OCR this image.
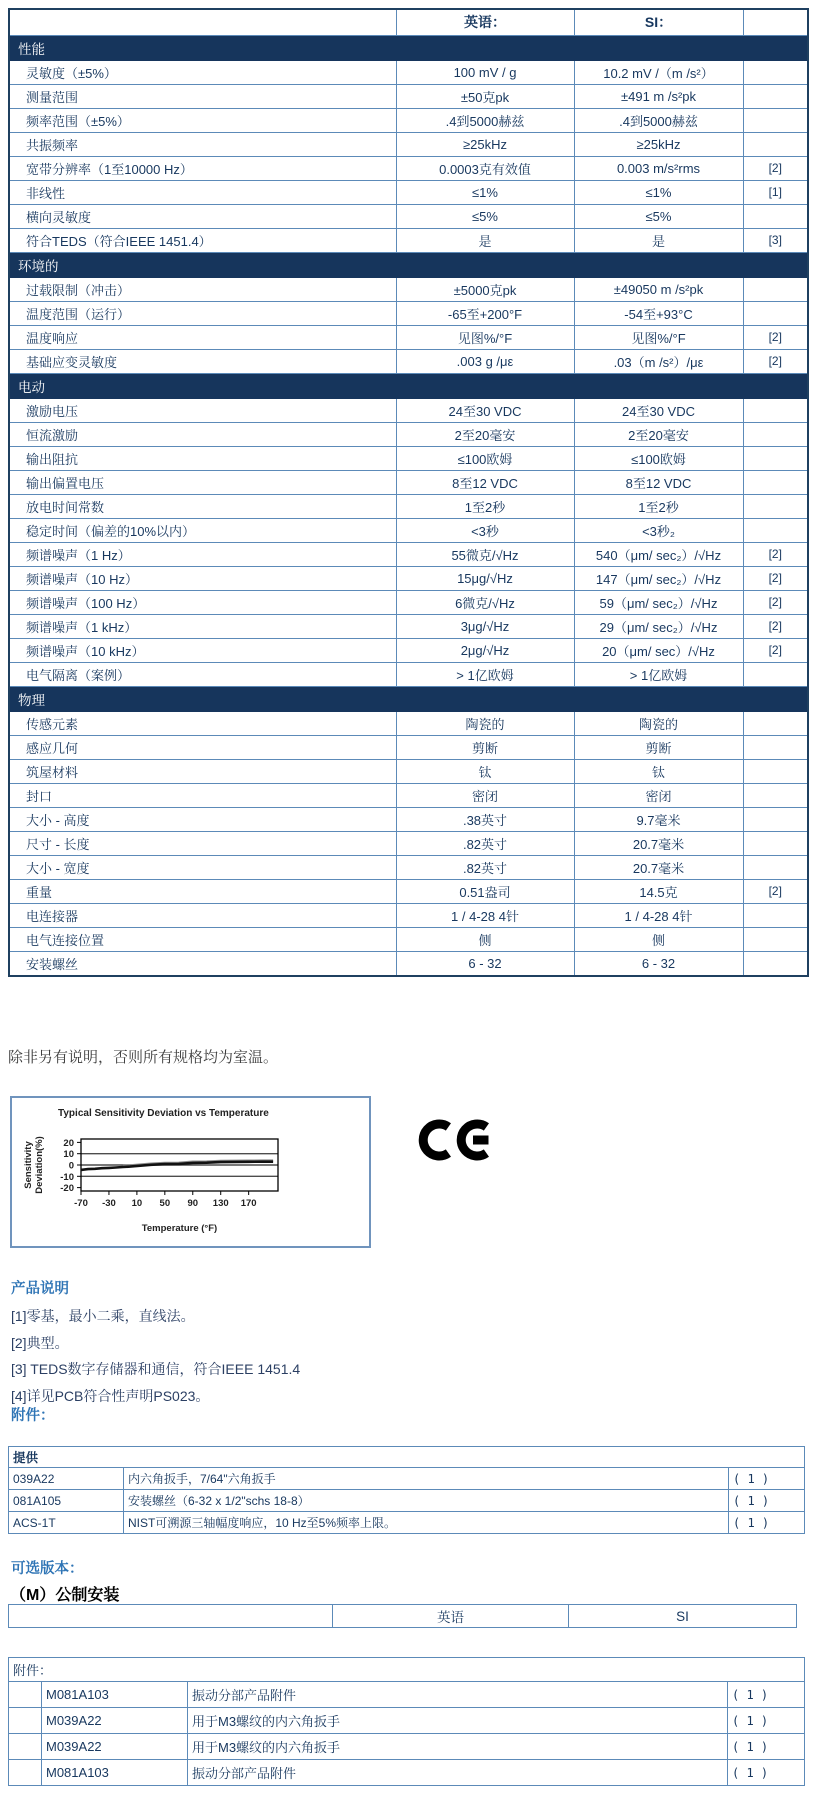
	英语：	SI：	
性能			
灵敏度（±5%）	100 mV / g	10.2 mV /（m /s²）	
测量范围	±50克pk	±491 m /s²pk	
频率范围（±5%）	.4到5000赫兹	.4到5000赫兹	
共振频率	≥25kHz	≥25kHz	
宽带分辨率（1至10000 Hz）	0.0003克有效值	0.003 m/s²rms	[2]
非线性	≤1%	≤1%	[1]
横向灵敏度	≤5%	≤5%	
符合TEDS（符合IEEE 1451.4）	是	是	[3]
环境的			
过载限制（冲击）	±5000克pk	±49050 m /s²pk	
温度范围（运行）	-65至+200°F	-54至+93°C	
温度响应	见图%/°F	见图%/°F	[2]
基础应变灵敏度	.003 g /με	.03（m /s²）/με	[2]
电动			
激励电压	24至30 VDC	24至30 VDC	
恒流激励	2至20毫安	2至20毫安	
输出阻抗	≤100欧姆	≤100欧姆	
输出偏置电压	8至12 VDC	8至12 VDC	
放电时间常数	1至2秒	1至2秒	
稳定时间（偏差的10%以内）	<3秒	<3秒₂	
频谱噪声（1 Hz）	55微克/√Hz	540（μm/ sec₂）/√Hz	[2]
频谱噪声（10 Hz）	15μg/√Hz	147（μm/ sec₂）/√Hz	[2]
频谱噪声（100 Hz）	6微克/√Hz	59（μm/ sec₂）/√Hz	[2]
频谱噪声（1 kHz）	3μg/√Hz	29（μm/ sec₂）/√Hz	[2]
频谱噪声（10 kHz）	2μg/√Hz	20（μm/ sec）/√Hz	[2]
电气隔离（案例）	> 1亿欧姆	> 1亿欧姆	
物理			
传感元素	陶瓷的	陶瓷的	
感应几何	剪断	剪断	
筑屋材料	钛	钛	
封口	密闭	密闭	
大小 - 高度	.38英寸	9.7毫米	
尺寸 - 长度	.82英寸	20.7毫米	
大小 - 宽度	.82英寸	20.7毫米	
重量	0.51盎司	14.5克	[2]
电连接器	1 / 4-28 4针	1 / 4-28 4针	
电气连接位置	侧	侧	
安装螺丝	6 - 32	6 - 32	
除非另有说明，否则所有规格均为室温。
Typical Sensitivity Deviation vs Temperature
20
10
0
-10
-20
-70 -30 10 50 90 130 170
Temperature (°F)
Sensitivity Deviation(%)
产品说明
[1]零基，最小二乘，直线法。
[2]典型。
[3] TEDS数字存储器和通信，符合IEEE 1451.4
[4]详见PCB符合性声明PS023。
附件：
提供		
039A22	内六角扳手，7/64"六角扳手	( 1 )
081A105	安装螺丝（6-32 x 1/2"schs 18-8）	( 1 )
ACS-1T	NIST可溯源三轴幅度响应，10 Hz至5%频率上限。	( 1 )
可选版本：
（M）公制安装
	英语	SI
附件：			
	M081A103	振动分部产品附件	( 1 )
	M039A22	用于M3螺纹的内六角扳手	( 1 )
	M039A22	用于M3螺纹的内六角扳手	( 1 )
	M081A103	振动分部产品附件	( 1 )
